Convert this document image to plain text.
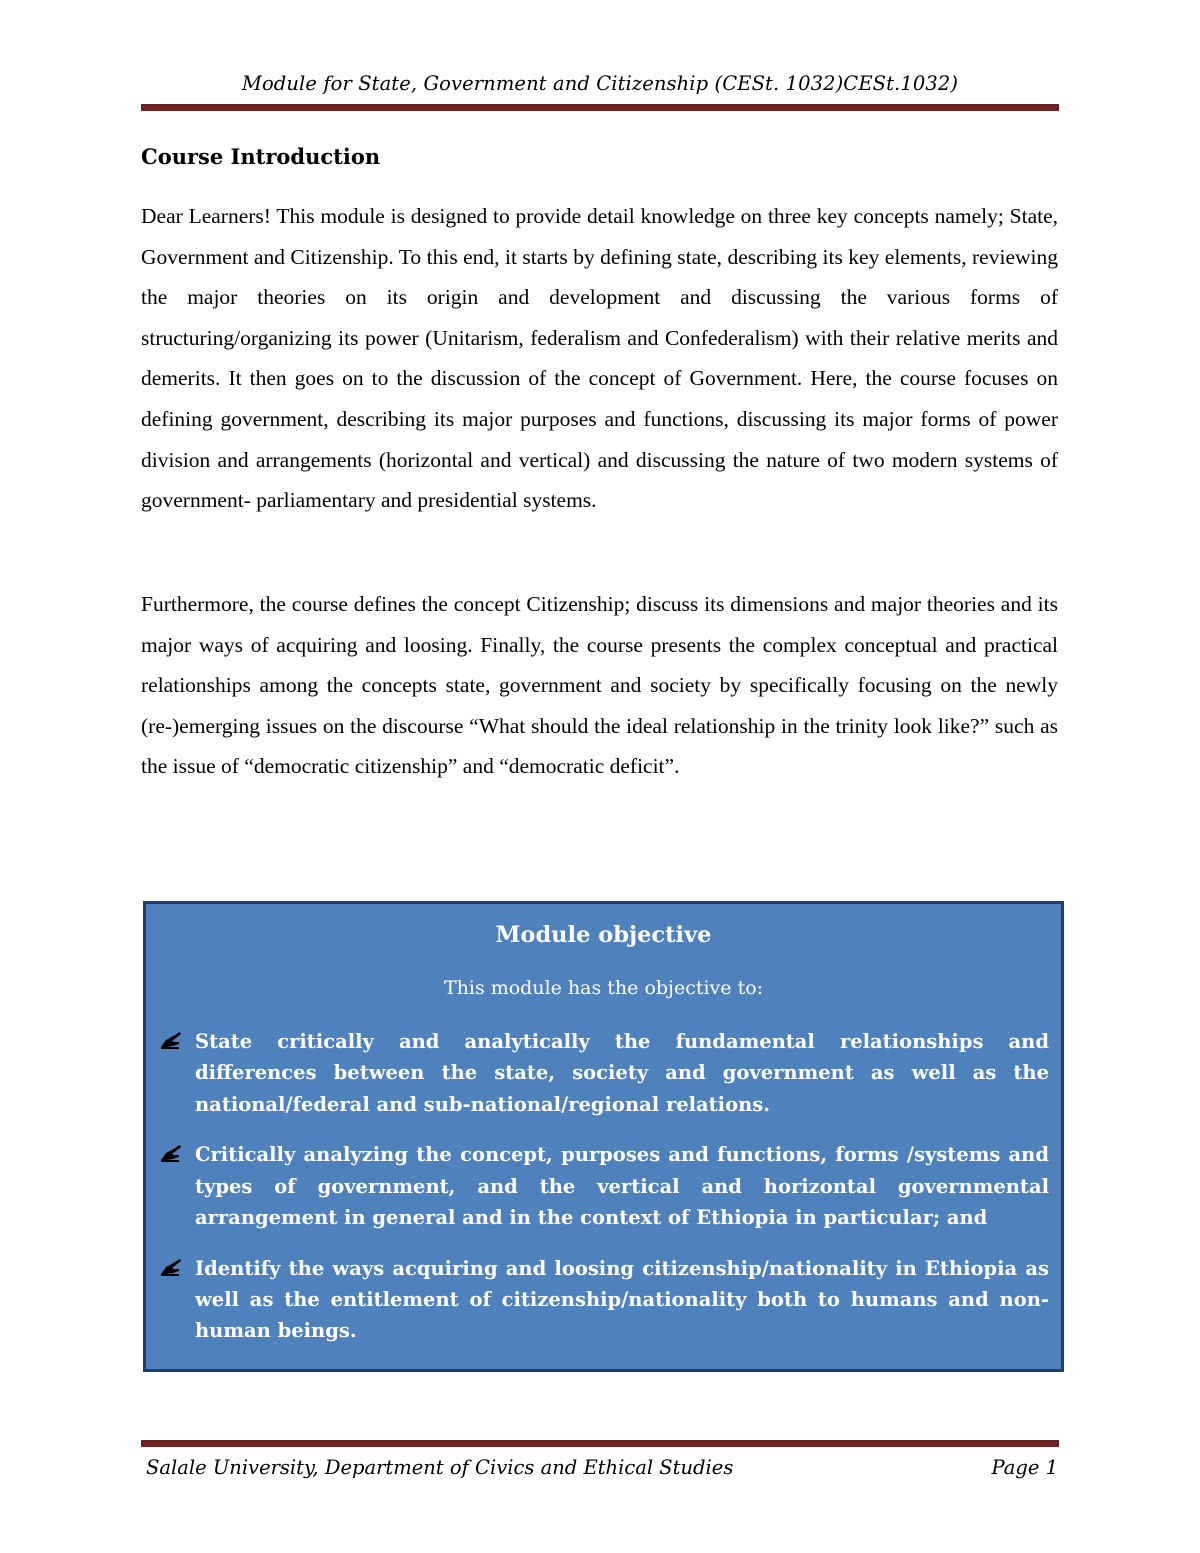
Module for State, Government and Citizenship (CESt. 1032)CESt.1032)
Course Introduction

Dear Learners! This module is designed to provide detail knowledge on three key concepts namely; State, Government and Citizenship. To this end, it starts by defining state, describing its key elements, reviewing the major theories on its origin and development and discussing the various forms of structuring/organizing its power (Unitarism, federalism and Confederalism) with their relative merits and demerits. It then goes on to the discussion of the concept of Government. Here, the course focuses on defining government, describing its major purposes and functions, discussing its major forms of power division and arrangements (horizontal and vertical) and discussing the nature of two modern systems of government- parliamentary and presidential systems.

Furthermore, the course defines the concept Citizenship; discuss its dimensions and major theories and its major ways of acquiring and loosing. Finally, the course presents the complex conceptual and practical relationships among the concepts state, government and society by specifically focusing on the newly (re-)emerging issues on the discourse “What should the ideal relationship in the trinity look like?” such as the issue of “democratic citizenship” and “democratic deficit”.

Module objective
This module has the objective to:
State critically and analytically the fundamental relationships and differences between the state, society and government as well as the national/federal and sub-national/regional relations.
Critically analyzing the concept, purposes and functions, forms /systems and types of government, and the vertical and horizontal governmental arrangement in general and in the context of Ethiopia in particular; and
Identify the ways acquiring and loosing citizenship/nationality in Ethiopia as well as the entitlement of citizenship/nationality both to humans and non-human beings.
Salale University, Department of Civics and Ethical Studies	Page 1
